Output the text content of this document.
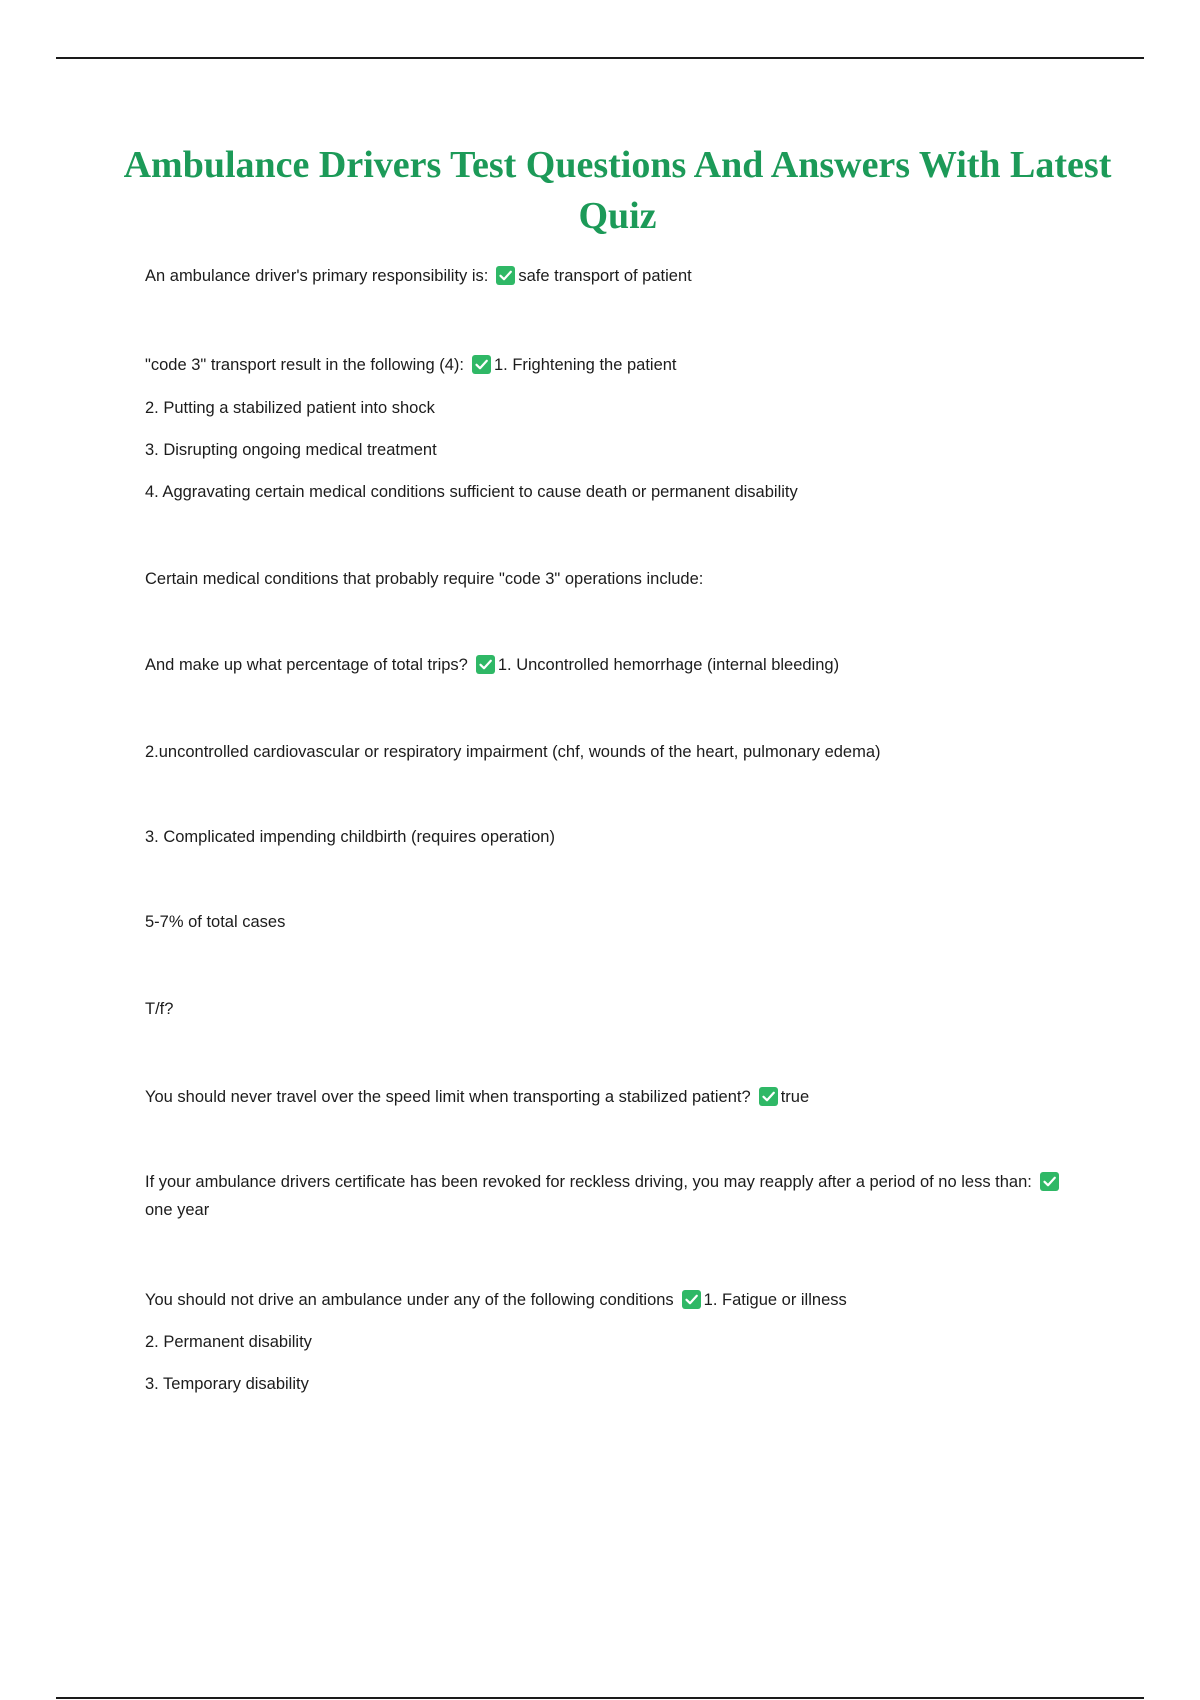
Ambulance Drivers Test Questions And Answers With Latest Quiz
An ambulance driver's primary responsibility is: safe transport of patient
"code 3" transport result in the following (4): 1. Frightening the patient
2. Putting a stabilized patient into shock
3. Disrupting ongoing medical treatment
4. Aggravating certain medical conditions sufficient to cause death or permanent disability
Certain medical conditions that probably require "code 3" operations include:
And make up what percentage of total trips? 1. Uncontrolled hemorrhage (internal bleeding)
2.uncontrolled cardiovascular or respiratory impairment (chf, wounds of the heart, pulmonary edema)
3. Complicated impending childbirth (requires operation)
5-7% of total cases
T/f?
You should never travel over the speed limit when transporting a stabilized patient? true
If your ambulance drivers certificate has been revoked for reckless driving, you may reapply after a period of no less than:
one year
You should not drive an ambulance under any of the following conditions 1. Fatigue or illness
2. Permanent disability
3. Temporary disability
